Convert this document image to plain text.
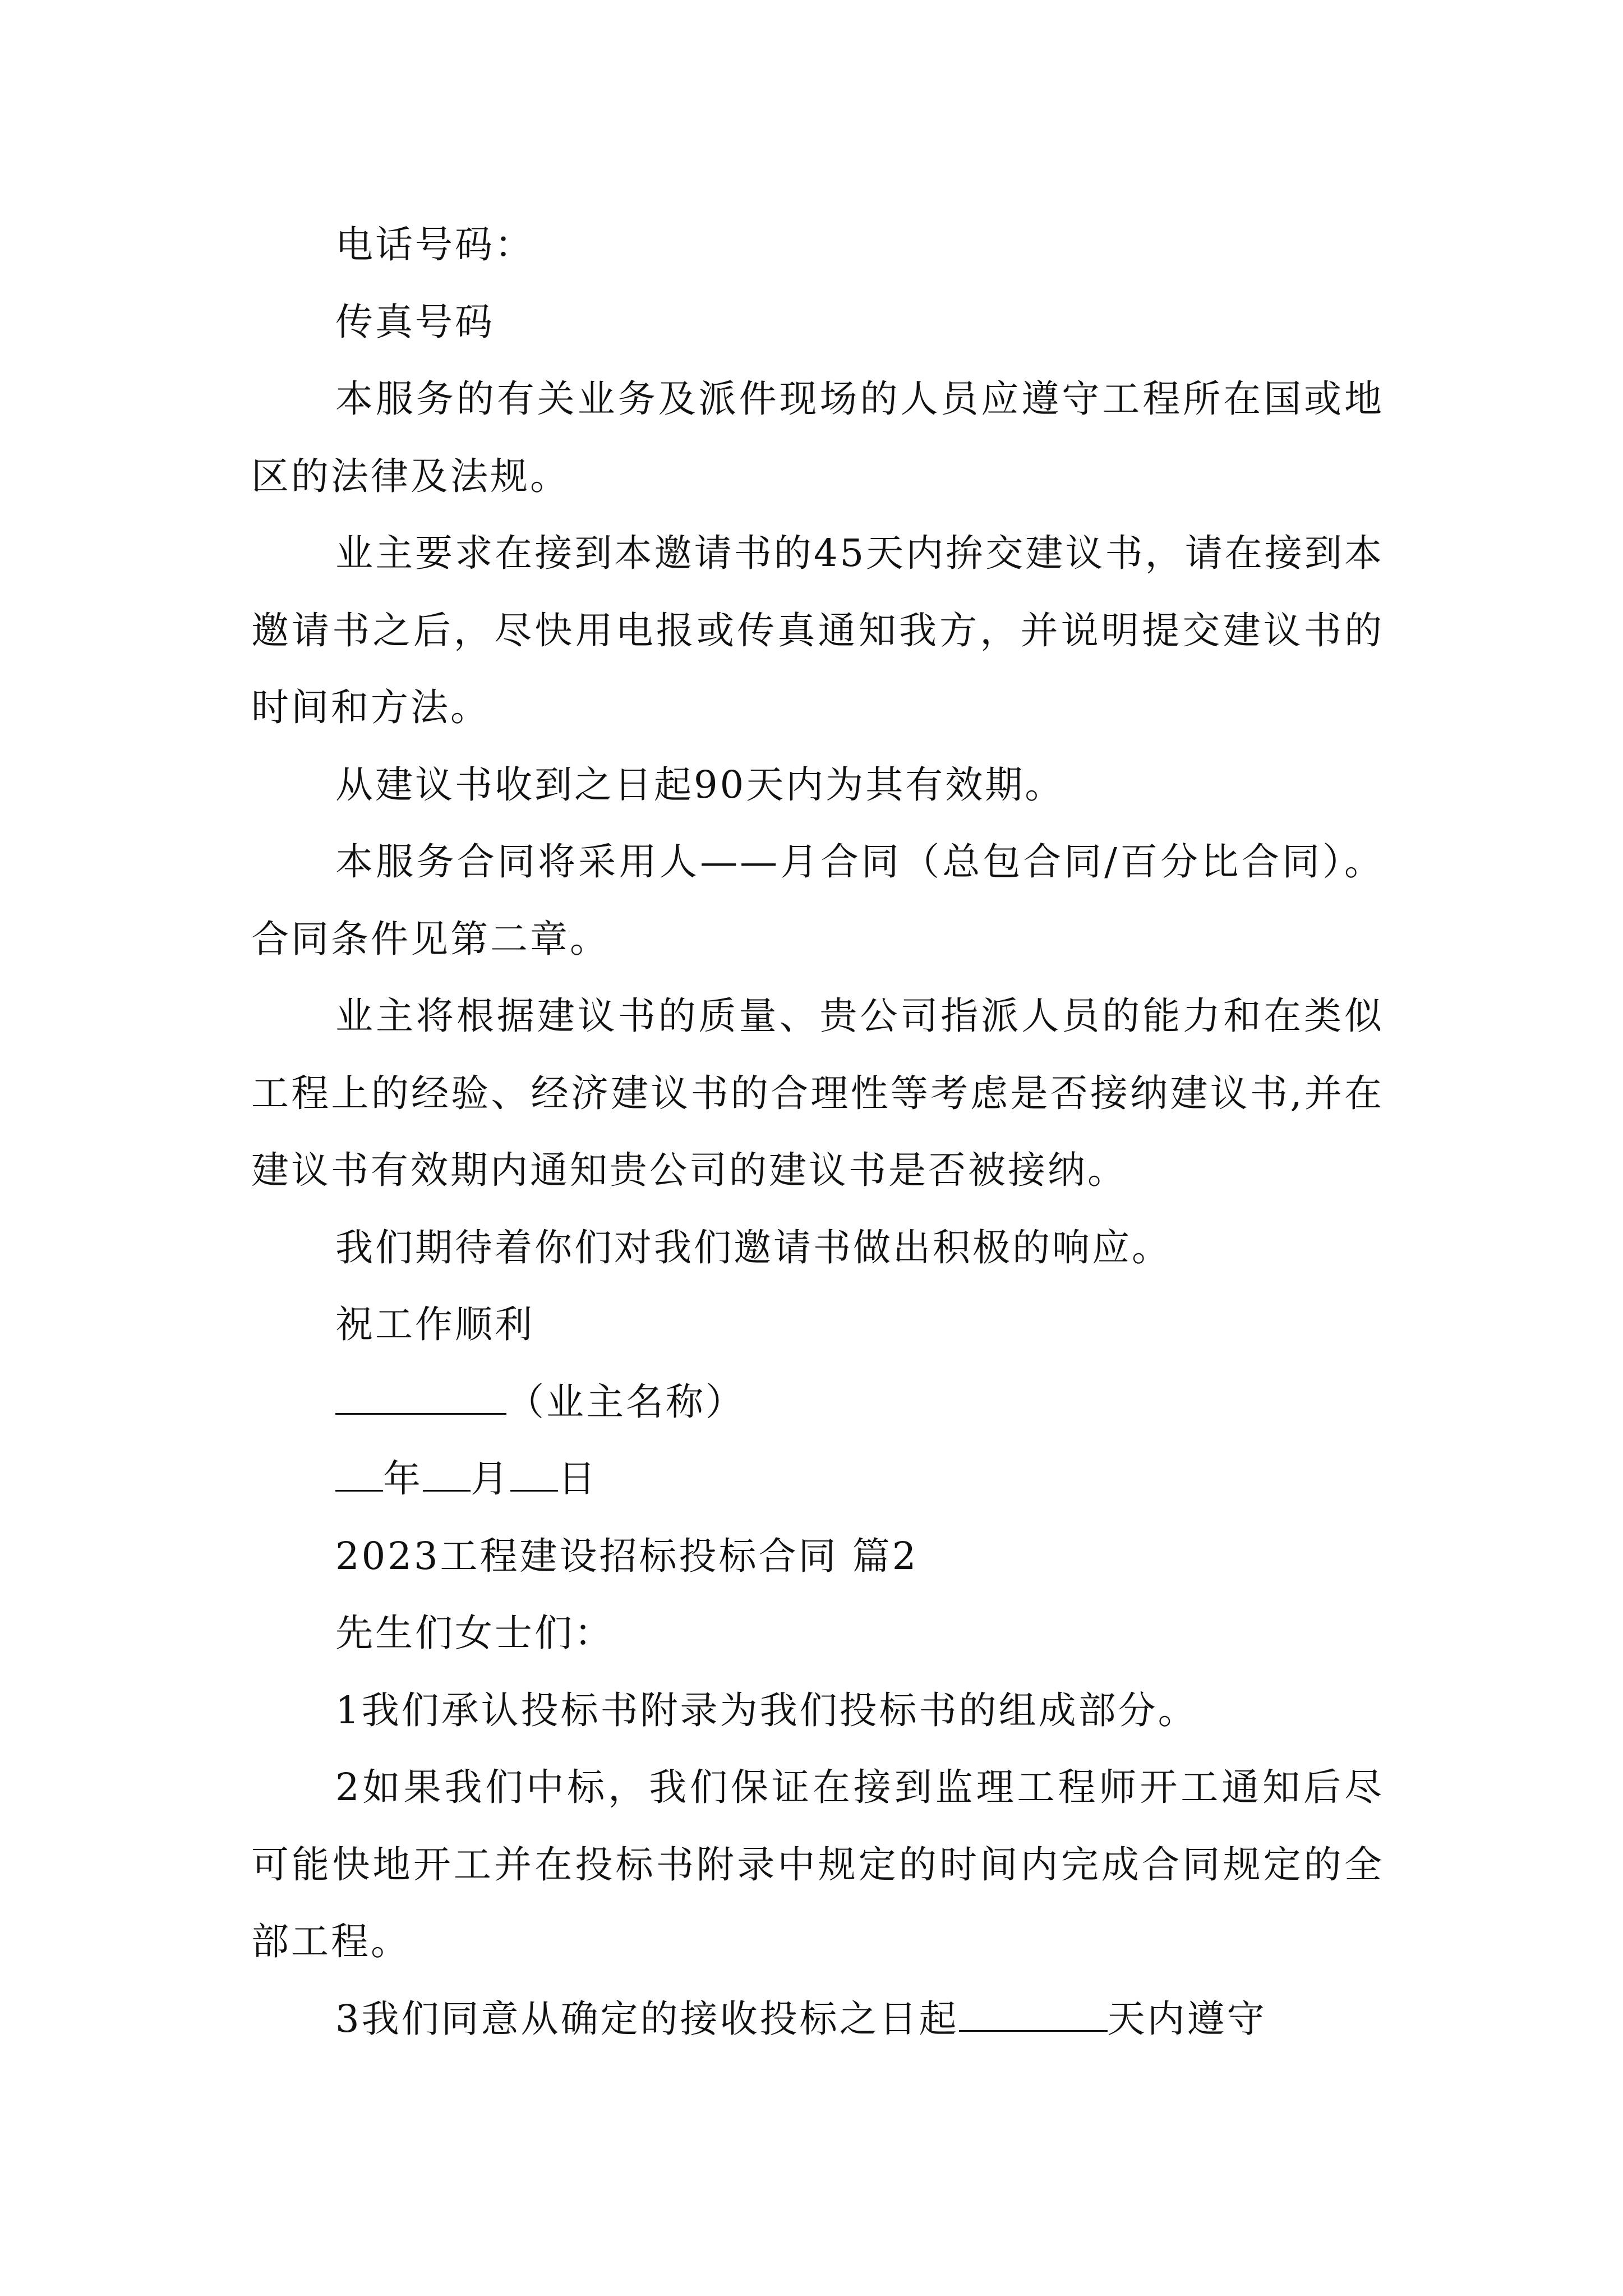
电话号码：

传真号码

本服务的有关业务及派件现场的人员应遵守工程所在国或地区的法律及法规。

业主要求在接到本邀请书的45天内拚交建议书，请在接到本邀请书之后，尽快用电报或传真通知我方，并说明提交建议书的时间和方法。

从建议书收到之日起90天内为其有效期。

本服务合同将采用人——月合同（总包合同/百分比合同）。合同条件见第二章。

业主将根据建议书的质量、贵公司指派人员的能力和在类似工程上的经验、经济建议书的合理性等考虑是否接纳建议书,并在建议书有效期内通知贵公司的建议书是否被接纳。

我们期待着你们对我们邀请书做出积极的响应。

祝工作顺利

（业主名称）

年 月 日

2023工程建设招标投标合同 篇2

先生们女士们：

1我们承认投标书附录为我们投标书的组成部分。

2如果我们中标，我们保证在接到监理工程师开工通知后尽可能快地开工并在投标书附录中规定的时间内完成合同规定的全部工程。

3我们同意从确定的接收投标之日起	天内遵守
